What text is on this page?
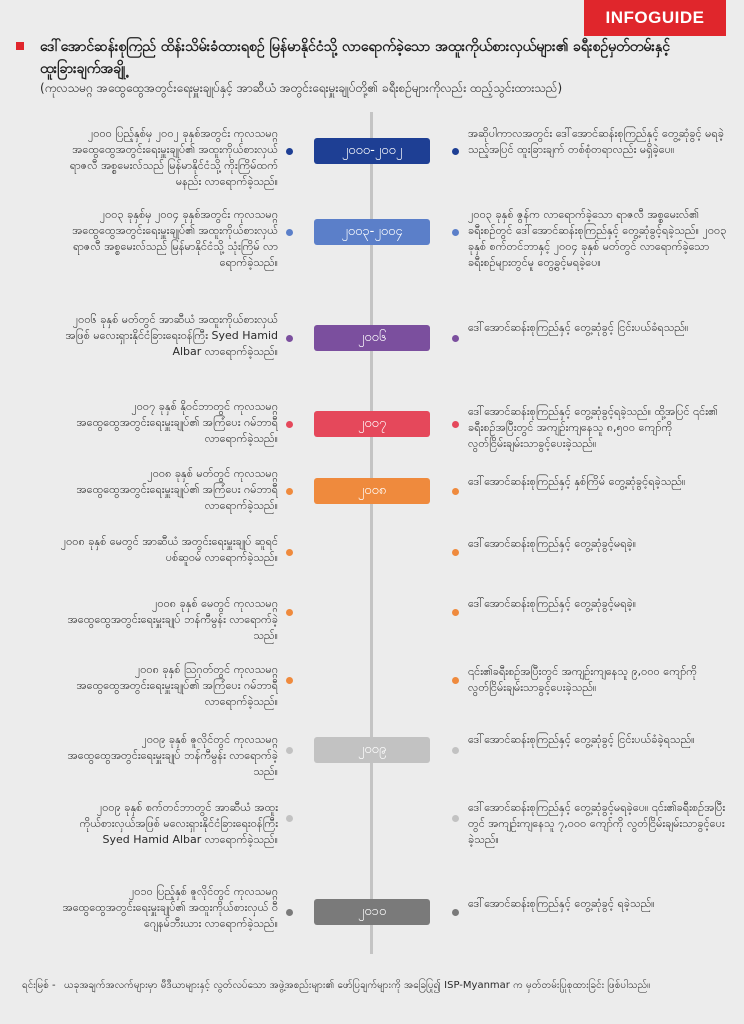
INFOGUIDE
ဒေါ်အောင်ဆန်းစုကြည် ထိန်းသိမ်းခံထားရစဉ် မြန်မာနိုင်ငံသို့ လာရောက်ခဲ့သော အထူးကိုယ်စားလှယ်များ၏ ခရီးစဉ်မှတ်တမ်းနှင့် ထူးခြားချက်အချို့
(ကုလသမဂ္ဂ အထွေထွေအတွင်းရေးမှူးချုပ်နှင့် အာဆီယံ အတွင်းရေးမှူးချုပ်တို့၏ ခရီးစဉ်များကိုလည်း ထည့်သွင်းထားသည်)
၂၀၀၀ ပြည့်နှစ်မှ ၂၀၀၂ ခုနှစ်အတွင်း ကုလသမဂ္ဂ အထွေထွေအတွင်းရေးမှူးချုပ်၏ အထူးကိုယ်စားလှယ် ရာဇလီ အစ္စမေးလ်သည် မြန်မာနိုင်ငံသို့ ကိုးကြိမ်ထက်မနည်း လာရောက်ခဲ့သည်။
အဆိုပါကာလအတွင်း ဒေါ်အောင်ဆန်းစုကြည်နှင့် တွေ့ဆုံခွင့် မရခဲ့သည့်အပြင် ထူးခြားချက် တစ်စုံတရာလည်း မရှိခဲ့ပေ။
၂၀၀၀-၂၀၀၂
၂၀၀၃ ခုနှစ်မှ ၂၀၀၄ ခုနှစ်အတွင်း ကုလသမဂ္ဂ အထွေထွေအတွင်းရေးမှူးချုပ်၏ အထူးကိုယ်စားလှယ် ရာဇလီ အစ္စမေးလ်သည် မြန်မာနိုင်ငံသို့ သုံးကြိမ် လာရောက်ခဲ့သည်။
၂၀၀၃ ခုနှစ် ဇွန်က လာရောက်ခဲ့သော ရာဇလီ အစ္စမေးလ်၏ ခရီးစဉ်တွင် ဒေါ်အောင်ဆန်းစုကြည်နှင့် တွေ့ဆုံခွင့်ရခဲ့သည်။ ၂၀၀၃ ခုနှစ် စက်တင်ဘာနှင့် ၂၀၀၄ ခုနှစ် မတ်တွင် လာရောက်ခဲ့သော ခရီးစဉ်များတွင်မူ တွေ့ခွင့်မရခဲ့ပေ။
၂၀၀၃-၂၀၀၄
၂၀၀၆ ခုနှစ် မတ်တွင် အာဆီယံ အထူးကိုယ်စားလှယ်အဖြစ် မလေးရှားနိုင်ငံခြားရေးဝန်ကြီး Syed Hamid Albar လာရောက်ခဲ့သည်။
ဒေါ်အောင်ဆန်းစုကြည်နှင့် တွေ့ဆုံခွင့် ငြင်းပယ်ခံရသည်။
၂၀၀၆
၂၀၀၇ ခုနှစ် နိုဝင်ဘာတွင် ကုလသမဂ္ဂ အထွေထွေအတွင်းရေးမှူးချုပ်၏ အကြံပေး ဂမ်ဘာရီ လာရောက်ခဲ့သည်။
ဒေါ်အောင်ဆန်းစုကြည်နှင့် တွေ့ဆုံခွင့်ရခဲ့သည်။ ထို့အပြင် ၎င်း၏ ခရီးစဉ်အပြီးတွင် အကျဉ်းကျနေသူ ၈,၅၀၀ ကျော်ကို လွတ်ငြိမ်းချမ်းသာခွင့်ပေးခဲ့သည်။
၂၀၀၇
၂၀၀၈ ခုနှစ် မတ်တွင် ကုလသမဂ္ဂ အထွေထွေအတွင်းရေးမှူးချုပ်၏ အကြံပေး ဂမ်ဘာရီ လာရောက်ခဲ့သည်။
ဒေါ်အောင်ဆန်းစုကြည်နှင့် နှစ်ကြိမ် တွေ့ဆုံခွင့်ရခဲ့သည်။
၂၀၀၈
၂၀၀၈ ခုနှစ် မေတွင် အာဆီယံ အတွင်းရေးမှူးချုပ် ဆူရင်ပစ်ဆူဝမ် လာရောက်ခဲ့သည်။
ဒေါ်အောင်ဆန်းစုကြည်နှင့် တွေ့ဆုံခွင့်မရခဲ့။
၂၀၀၈ ခုနှစ် မေတွင် ကုလသမဂ္ဂ အထွေထွေအတွင်းရေးမှူးချုပ် ဘန်ကီမွန်း လာရောက်ခဲ့သည်။
ဒေါ်အောင်ဆန်းစုကြည်နှင့် တွေ့ဆုံခွင့်မရခဲ့။
၂၀၀၈ ခုနှစ် ဩဂုတ်တွင် ကုလသမဂ္ဂ အထွေထွေအတွင်းရေးမှူးချုပ်၏ အကြံပေး ဂမ်ဘာရီ လာရောက်ခဲ့သည်။
၎င်း၏ခရီးစဉ်အပြီးတွင် အကျဉ်းကျနေသူ ၉,၀၀၀ ကျော်ကို လွတ်ငြိမ်းချမ်းသာခွင့်ပေးခဲ့သည်။
၂၀၀၉ ခုနှစ် ဇူလိုင်တွင် ကုလသမဂ္ဂ အထွေထွေအတွင်းရေးမှူးချုပ် ဘန်ကီမွန်း လာရောက်ခဲ့သည်။
ဒေါ်အောင်ဆန်းစုကြည်နှင့် တွေ့ဆုံခွင့် ငြင်းပယ်ခံခဲ့ရသည်။
၂၀၀၉
၂၀၀၉ ခုနှစ် စက်တင်ဘာတွင် အာဆီယံ အထူးကိုယ်စားလှယ်အဖြစ် မလေးရှားနိုင်ငံခြားရေးဝန်ကြီး Syed Hamid Albar လာရောက်ခဲ့သည်။
ဒေါ်အောင်ဆန်းစုကြည်နှင့် တွေ့ဆုံခွင့်မရခဲ့ပေ။ ၎င်း၏ခရီးစဉ်အပြီးတွင် အကျဉ်းကျနေသူ ၇,၀၀၀ ကျော်ကို လွတ်ငြိမ်းချမ်းသာခွင့်ပေးခဲ့သည်။
၂၀၁၀ ပြည့်နှစ် ဇူလိုင်တွင် ကုလသမဂ္ဂ အထွေထွေအတွင်းရေးမှူးချုပ်၏ အထူးကိုယ်စားလှယ် ဝီဂျေနမ်ဘီးယား လာရောက်ခဲ့သည်။
ဒေါ်အောင်ဆန်းစုကြည်နှင့် တွေ့ဆုံခွင့် ရခဲ့သည်။
၂၀၁၀
ရင်းမြစ် - ယခုအချက်အလက်များမှာ မီဒီယာများနှင့် လွတ်လပ်သော အဖွဲ့အစည်းများ၏ ဖော်ပြချက်များကို အခြေပြု၍ ISP-Myanmar က မှတ်တမ်းပြုစုထားခြင်း ဖြစ်ပါသည်။
